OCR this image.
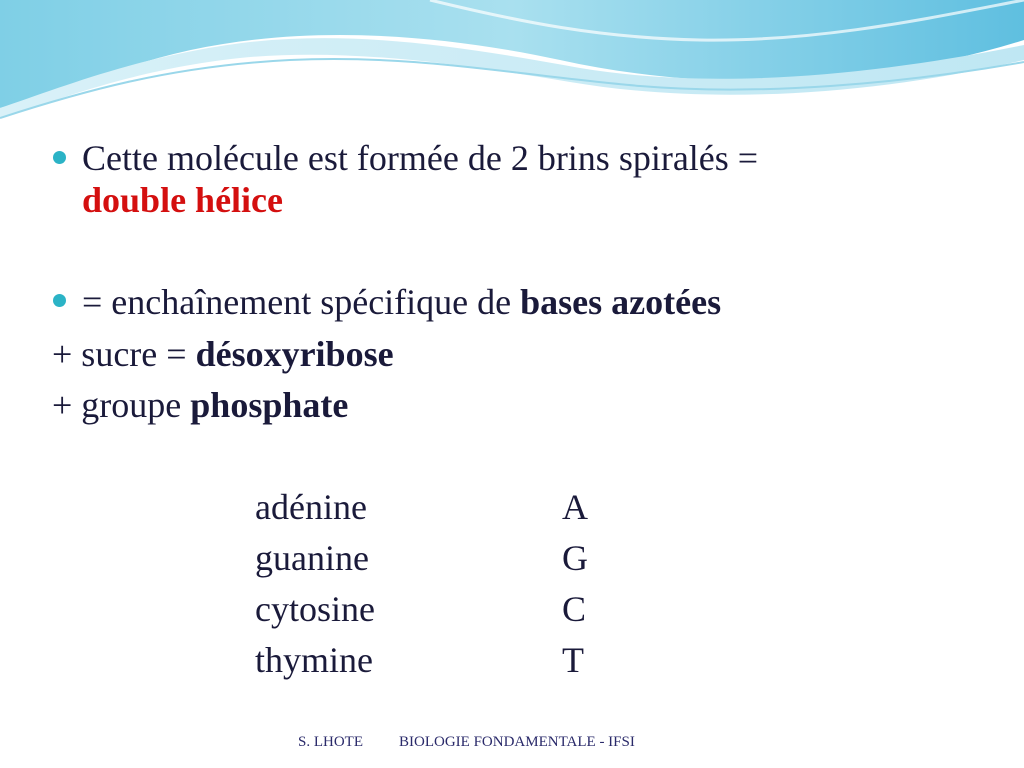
Cette molécule est formée de 2 brins spiralés =
double hélice
= enchaînement spécifique de bases azotées
+ sucre = désoxyribose
+ groupe phosphate
adénine	A
guanine	G
cytosine	C
thymine	T
S. LHOTE BIOLOGIE FONDAMENTALE - IFSI
